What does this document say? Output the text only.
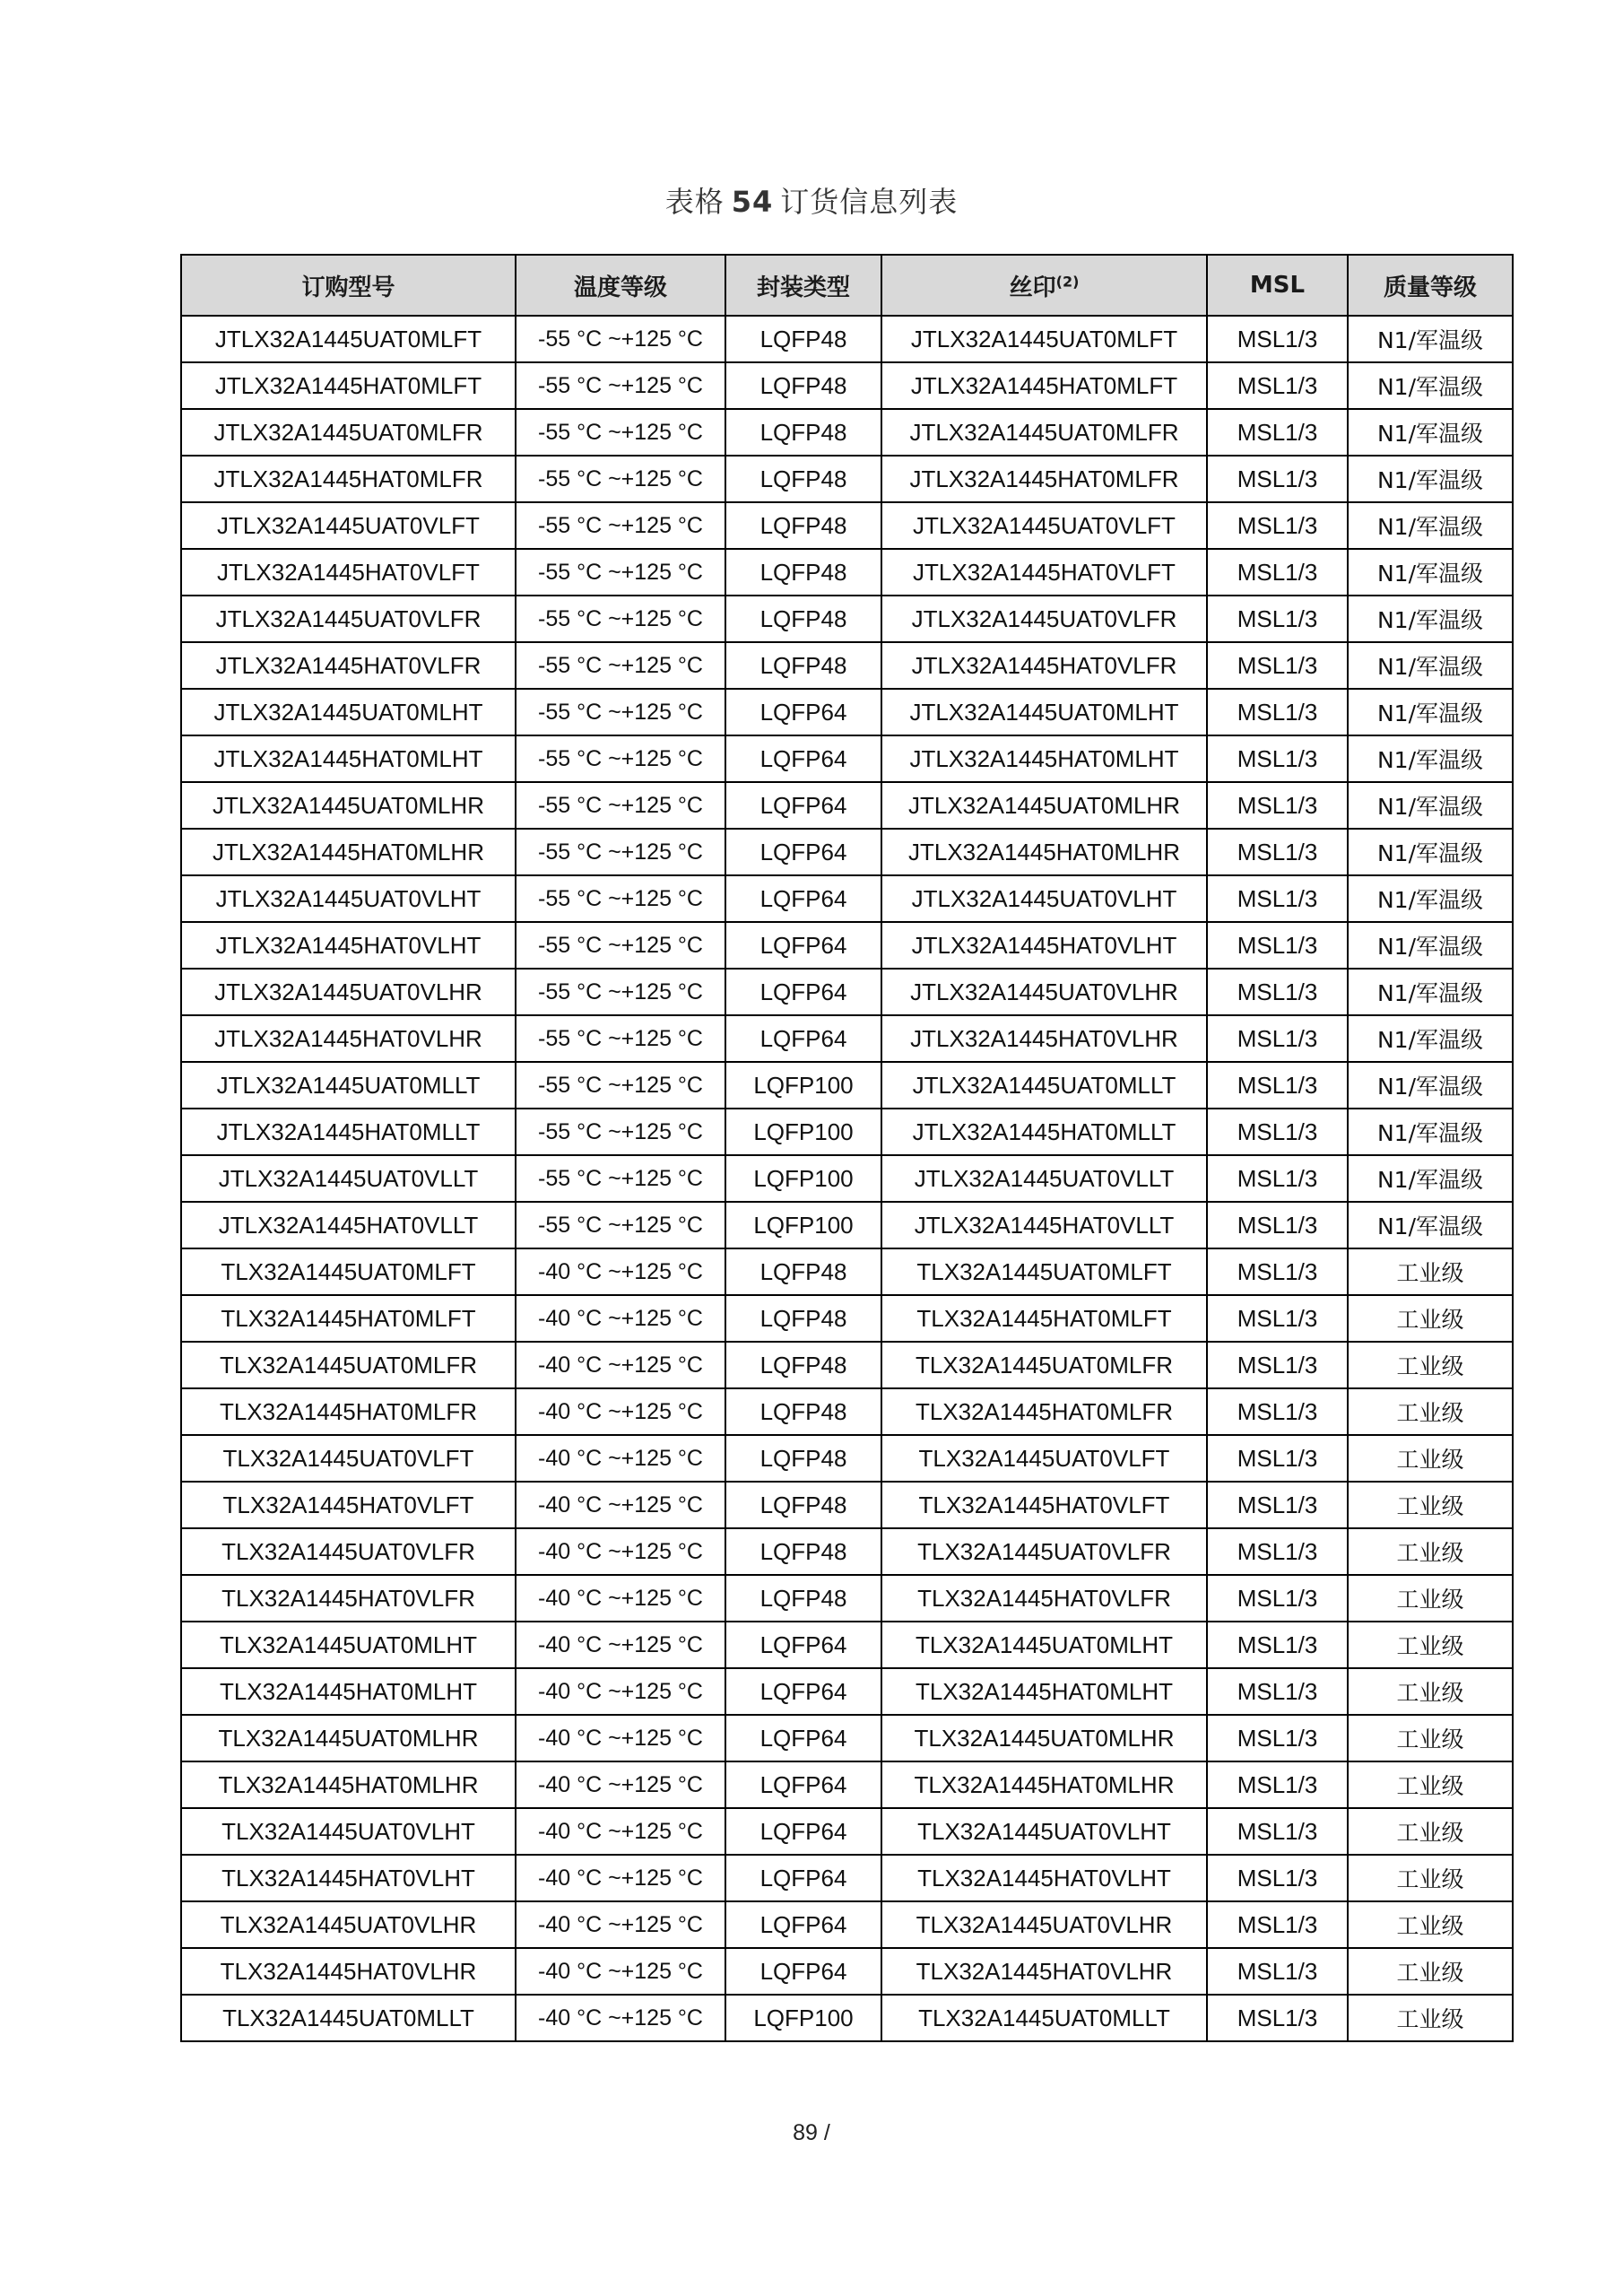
表格 54 订货信息列表
订购型号	温度等级	封装类型	丝印$^{(2)}$	MSL	质量等级
JTLX32A1445UAT0MLFT	-55 °C ~+125 °C	LQFP48	JTLX32A1445UAT0MLFT	MSL1/3	N1/军温级
JTLX32A1445HAT0MLFT	-55 °C ~+125 °C	LQFP48	JTLX32A1445HAT0MLFT	MSL1/3	N1/军温级
JTLX32A1445UAT0MLFR	-55 °C ~+125 °C	LQFP48	JTLX32A1445UAT0MLFR	MSL1/3	N1/军温级
JTLX32A1445HAT0MLFR	-55 °C ~+125 °C	LQFP48	JTLX32A1445HAT0MLFR	MSL1/3	N1/军温级
JTLX32A1445UAT0VLFT	-55 °C ~+125 °C	LQFP48	JTLX32A1445UAT0VLFT	MSL1/3	N1/军温级
JTLX32A1445HAT0VLFT	-55 °C ~+125 °C	LQFP48	JTLX32A1445HAT0VLFT	MSL1/3	N1/军温级
JTLX32A1445UAT0VLFR	-55 °C ~+125 °C	LQFP48	JTLX32A1445UAT0VLFR	MSL1/3	N1/军温级
JTLX32A1445HAT0VLFR	-55 °C ~+125 °C	LQFP48	JTLX32A1445HAT0VLFR	MSL1/3	N1/军温级
JTLX32A1445UAT0MLHT	-55 °C ~+125 °C	LQFP64	JTLX32A1445UAT0MLHT	MSL1/3	N1/军温级
JTLX32A1445HAT0MLHT	-55 °C ~+125 °C	LQFP64	JTLX32A1445HAT0MLHT	MSL1/3	N1/军温级
JTLX32A1445UAT0MLHR	-55 °C ~+125 °C	LQFP64	JTLX32A1445UAT0MLHR	MSL1/3	N1/军温级
JTLX32A1445HAT0MLHR	-55 °C ~+125 °C	LQFP64	JTLX32A1445HAT0MLHR	MSL1/3	N1/军温级
JTLX32A1445UAT0VLHT	-55 °C ~+125 °C	LQFP64	JTLX32A1445UAT0VLHT	MSL1/3	N1/军温级
JTLX32A1445HAT0VLHT	-55 °C ~+125 °C	LQFP64	JTLX32A1445HAT0VLHT	MSL1/3	N1/军温级
JTLX32A1445UAT0VLHR	-55 °C ~+125 °C	LQFP64	JTLX32A1445UAT0VLHR	MSL1/3	N1/军温级
JTLX32A1445HAT0VLHR	-55 °C ~+125 °C	LQFP64	JTLX32A1445HAT0VLHR	MSL1/3	N1/军温级
JTLX32A1445UAT0MLLT	-55 °C ~+125 °C	LQFP100	JTLX32A1445UAT0MLLT	MSL1/3	N1/军温级
JTLX32A1445HAT0MLLT	-55 °C ~+125 °C	LQFP100	JTLX32A1445HAT0MLLT	MSL1/3	N1/军温级
JTLX32A1445UAT0VLLT	-55 °C ~+125 °C	LQFP100	JTLX32A1445UAT0VLLT	MSL1/3	N1/军温级
JTLX32A1445HAT0VLLT	-55 °C ~+125 °C	LQFP100	JTLX32A1445HAT0VLLT	MSL1/3	N1/军温级
TLX32A1445UAT0MLFT	-40 °C ~+125 °C	LQFP48	TLX32A1445UAT0MLFT	MSL1/3	工业级
TLX32A1445HAT0MLFT	-40 °C ~+125 °C	LQFP48	TLX32A1445HAT0MLFT	MSL1/3	工业级
TLX32A1445UAT0MLFR	-40 °C ~+125 °C	LQFP48	TLX32A1445UAT0MLFR	MSL1/3	工业级
TLX32A1445HAT0MLFR	-40 °C ~+125 °C	LQFP48	TLX32A1445HAT0MLFR	MSL1/3	工业级
TLX32A1445UAT0VLFT	-40 °C ~+125 °C	LQFP48	TLX32A1445UAT0VLFT	MSL1/3	工业级
TLX32A1445HAT0VLFT	-40 °C ~+125 °C	LQFP48	TLX32A1445HAT0VLFT	MSL1/3	工业级
TLX32A1445UAT0VLFR	-40 °C ~+125 °C	LQFP48	TLX32A1445UAT0VLFR	MSL1/3	工业级
TLX32A1445HAT0VLFR	-40 °C ~+125 °C	LQFP48	TLX32A1445HAT0VLFR	MSL1/3	工业级
TLX32A1445UAT0MLHT	-40 °C ~+125 °C	LQFP64	TLX32A1445UAT0MLHT	MSL1/3	工业级
TLX32A1445HAT0MLHT	-40 °C ~+125 °C	LQFP64	TLX32A1445HAT0MLHT	MSL1/3	工业级
TLX32A1445UAT0MLHR	-40 °C ~+125 °C	LQFP64	TLX32A1445UAT0MLHR	MSL1/3	工业级
TLX32A1445HAT0MLHR	-40 °C ~+125 °C	LQFP64	TLX32A1445HAT0MLHR	MSL1/3	工业级
TLX32A1445UAT0VLHT	-40 °C ~+125 °C	LQFP64	TLX32A1445UAT0VLHT	MSL1/3	工业级
TLX32A1445HAT0VLHT	-40 °C ~+125 °C	LQFP64	TLX32A1445HAT0VLHT	MSL1/3	工业级
TLX32A1445UAT0VLHR	-40 °C ~+125 °C	LQFP64	TLX32A1445UAT0VLHR	MSL1/3	工业级
TLX32A1445HAT0VLHR	-40 °C ~+125 °C	LQFP64	TLX32A1445HAT0VLHR	MSL1/3	工业级
TLX32A1445UAT0MLLT	-40 °C ~+125 °C	LQFP100	TLX32A1445UAT0MLLT	MSL1/3	工业级
89 /
